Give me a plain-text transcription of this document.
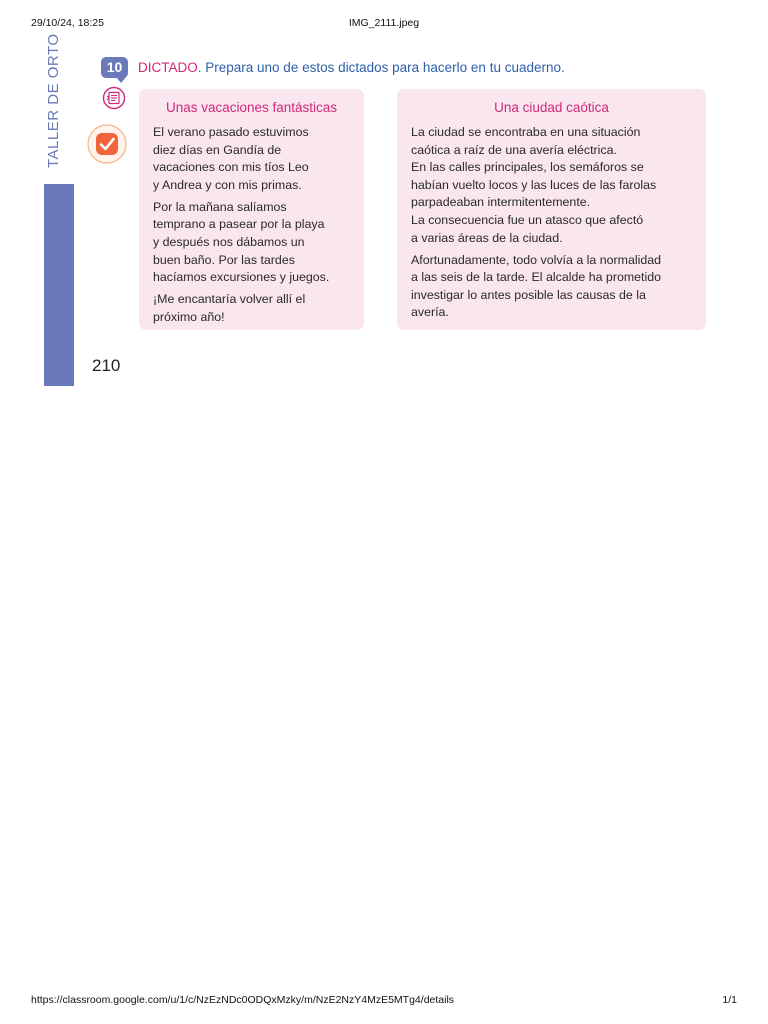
29/10/24, 18:25	IMG_2111.jpeg
TALLER DE ORTO	10	DICTADO. Prepara uno de estos dictados para hacerlo en tu cuaderno.
Unas vacaciones fantásticas

El verano pasado estuvimos
diez días en Gandía de
vacaciones con mis tíos Leo
y Andrea y con mis primas.

Por la mañana salíamos
temprano a pasear por la playa
y después nos dábamos un
buen baño. Por las tardes
hacíamos excursiones y juegos.

¡Me encantaría volver allí el
próximo año!

Una ciudad caótica

La ciudad se encontraba en una situación
caótica a raíz de una avería eléctrica.
En las calles principales, los semáforos se
habían vuelto locos y las luces de las farolas
parpadeaban intermitentemente.
La consecuencia fue un atasco que afectó
a varias áreas de la ciudad.

Afortunadamente, todo volvía a la normalidad
a las seis de la tarde. El alcalde ha prometido
investigar lo antes posible las causas de la
avería.

210
https://classroom.google.com/u/1/c/NzEzNDc0ODQxMzky/m/NzE2NzY4MzE5MTg4/details	1/1
